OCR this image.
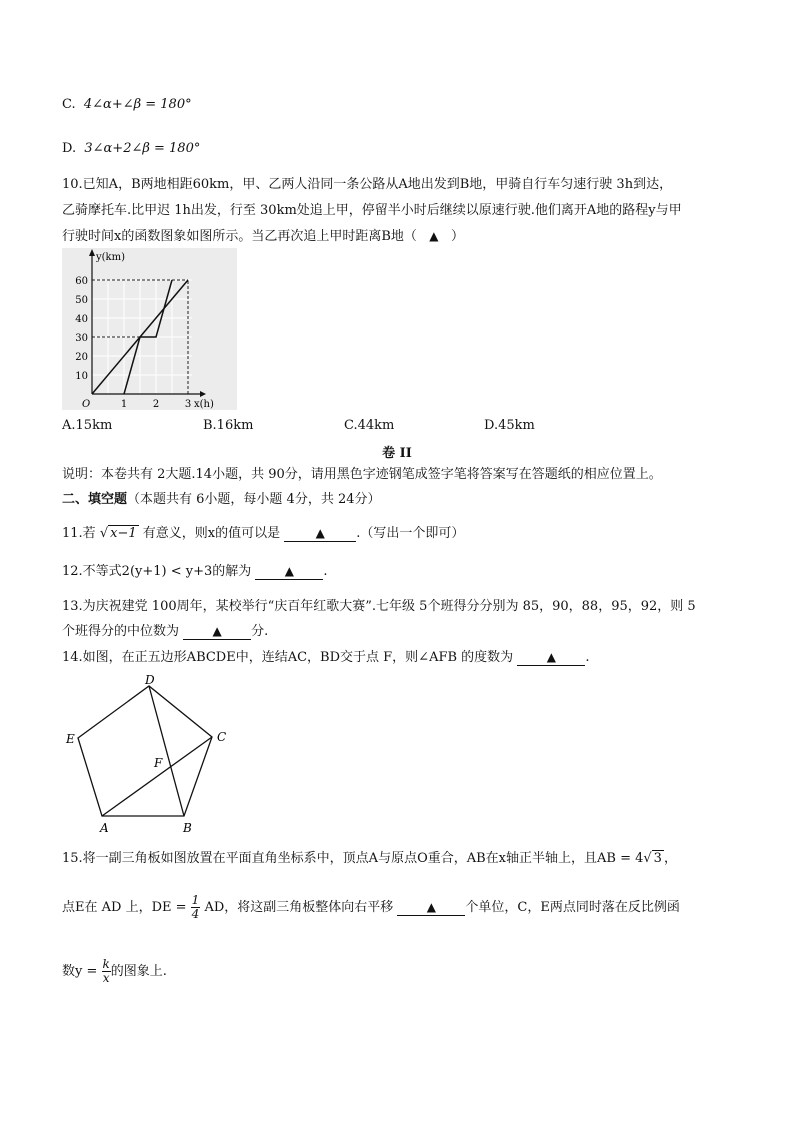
C. 4∠α+∠β = 180°
D. 3∠α+2∠β = 180°
10.已知A，B两地相距60km，甲、乙两人沿同一条公路从A地出发到B地，甲骑自行车匀速行驶 3h到达，
乙骑摩托车.比甲迟 1h出发，行至 30km处追上甲，停留半小时后继续以原速行驶.他们离开A地的路程y与甲
行驶时间x的函数图象如图所示。当乙再次追上甲时距离B地（ ▲ ）
10
20
30
40
50
60
1	2	3
O
y(km)
x(h)
A.15km	B.16km	C.44km	D.45km
卷 II
说明：本卷共有 2大题.14小题，共 90分，请用黑色字迹钢笔成签字笔将答案写在答题纸的相应位置上。
二、填空题（本题共有 6小题，每小题 4分，共 24分）
11.若 √ x−1 有意义，则x的值可以是	▲ .（写出一个即可）
12.不等式2(y+1) < y+3的解为	▲ .
13.为庆祝建党 100周年，某校举行“庆百年红歌大赛”.七年级 5个班得分分别为 85，90，88，95，92，则 5
个班得分的中位数为	▲ 分.
14.如图，在正五边形ABCDE中，连结AC，BD交于点 F，则∠AFB 的度数为	▲ .
A	B
C
D
E
F
15.将一副三角板如图放置在平面直角坐标系中，顶点A与原点O重合，AB在x轴正半轴上，且AB = 4√ 3 ，
点E在 AD 上，DE = $\frac{1}{4}$ AD，将这副三角板整体向右平移	▲ 个单位，C，E两点同时落在反比例函
数$y = \frac{k}{x}$ 的图象上.
